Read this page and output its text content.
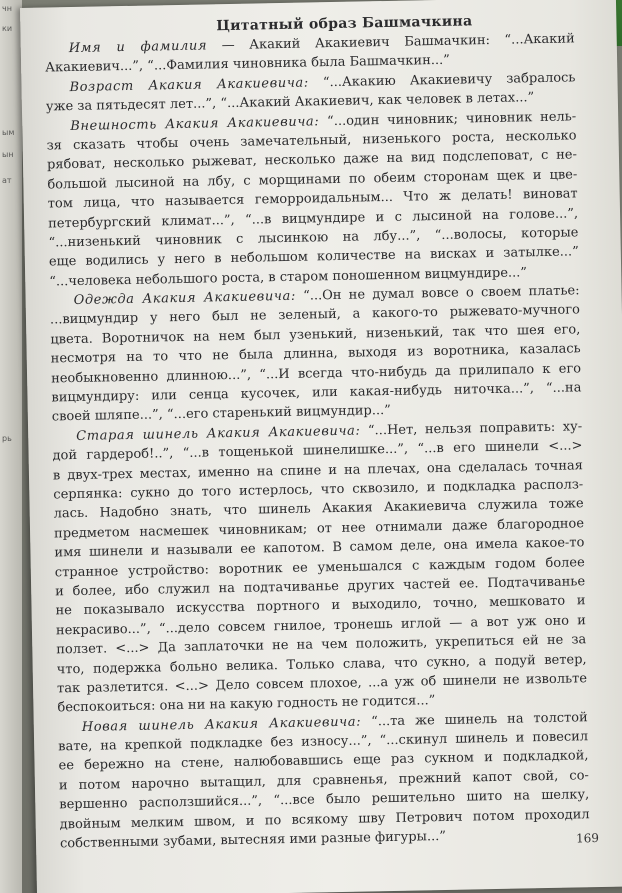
чн
ки
ым
ын
ат
рь
Цитатный образ Башмачкина
Имя и фамилия — Акакий Акакиевич Башмачкин: “...Акакий
Акакиевич...”, “...Фамилия чиновника была Башмачкин...”
Возраст Акакия Акакиевича: “...Акакию Акакиевичу забралось
уже за пятьдесят лет...”, “...Акакий Акакиевич, как человек в летах...”
Внешность Акакия Акакиевича: “...один чиновник; чиновник нель-
зя сказать чтобы очень замечательный, низенького роста, несколько
рябоват, несколько рыжеват, несколько даже на вид подслеповат, с не-
большой лысиной на лбу, с морщинами по обеим сторонам щек и цве-
том лица, что называется геморроидальным... Что ж делать! виноват
петербургский климат...”, “...в вицмундире и с лысиной на голове...”,
“...низенький чиновник с лысинкою на лбу...”, “...волосы, которые
еще водились у него в небольшом количестве на висках и затылке...”
“...человека небольшого роста, в старом поношенном вицмундире...”
Одежда Акакия Акакиевича: “...Он не думал вовсе о своем платье:
...вицмундир у него был не зеленый, а какого-то рыжевато-мучного
цвета. Воротничок на нем был узенький, низенький, так что шея его,
несмотря на то что не была длинна, выходя из воротника, казалась
необыкновенно длинною...”, “...И всегда что-нибудь да прилипало к его
вицмундиру: или сенца кусочек, или какая-нибудь ниточка...”, “...на
своей шляпе...”, “...его старенький вицмундир...”
Старая шинель Акакия Акакиевича: “...Нет, нельзя поправить: ху-
дой гардероб!..”, “...в тощенькой шинелишке...”, “...в его шинели <...>
в двух-трех местах, именно на спине и на плечах, она сделалась точная
серпянка: сукно до того истерлось, что сквозило, и подкладка располз-
лась. Надобно знать, что шинель Акакия Акакиевича служила тоже
предметом насмешек чиновникам; от нее отнимали даже благородное
имя шинели и называли ее капотом. В самом деле, она имела какое-то
странное устройство: воротник ее уменьшался с каждым годом более
и более, ибо служил на подтачиванье других частей ее. Подтачиванье
не показывало искусства портного и выходило, точно, мешковато и
некрасиво...”, “...дело совсем гнилое, тронешь иглой — а вот уж оно и
ползет. <...> Да заплаточки не на чем положить, укрепиться ей не за
что, подержка больно велика. Только слава, что сукно, а подуй ветер,
так разлетится. <...> Дело совсем плохое, ...а уж об шинели не извольте
беспокоиться: она ни на какую годность не годится...”
Новая шинель Акакия Акакиевича: “...та же шинель на толстой
вате, на крепкой подкладке без износу...”, “...скинул шинель и повесил
ее бережно на стене, налюбовавшись еще раз сукном и подкладкой,
и потом нарочно вытащил, для сравненья, прежний капот свой, со-
вершенно расползшийся...”, “...все было решительно шито на шелку,
двойным мелким швом, и по всякому шву Петрович потом проходил
собственными зубами, вытесняя ими разные фигуры...”	169
